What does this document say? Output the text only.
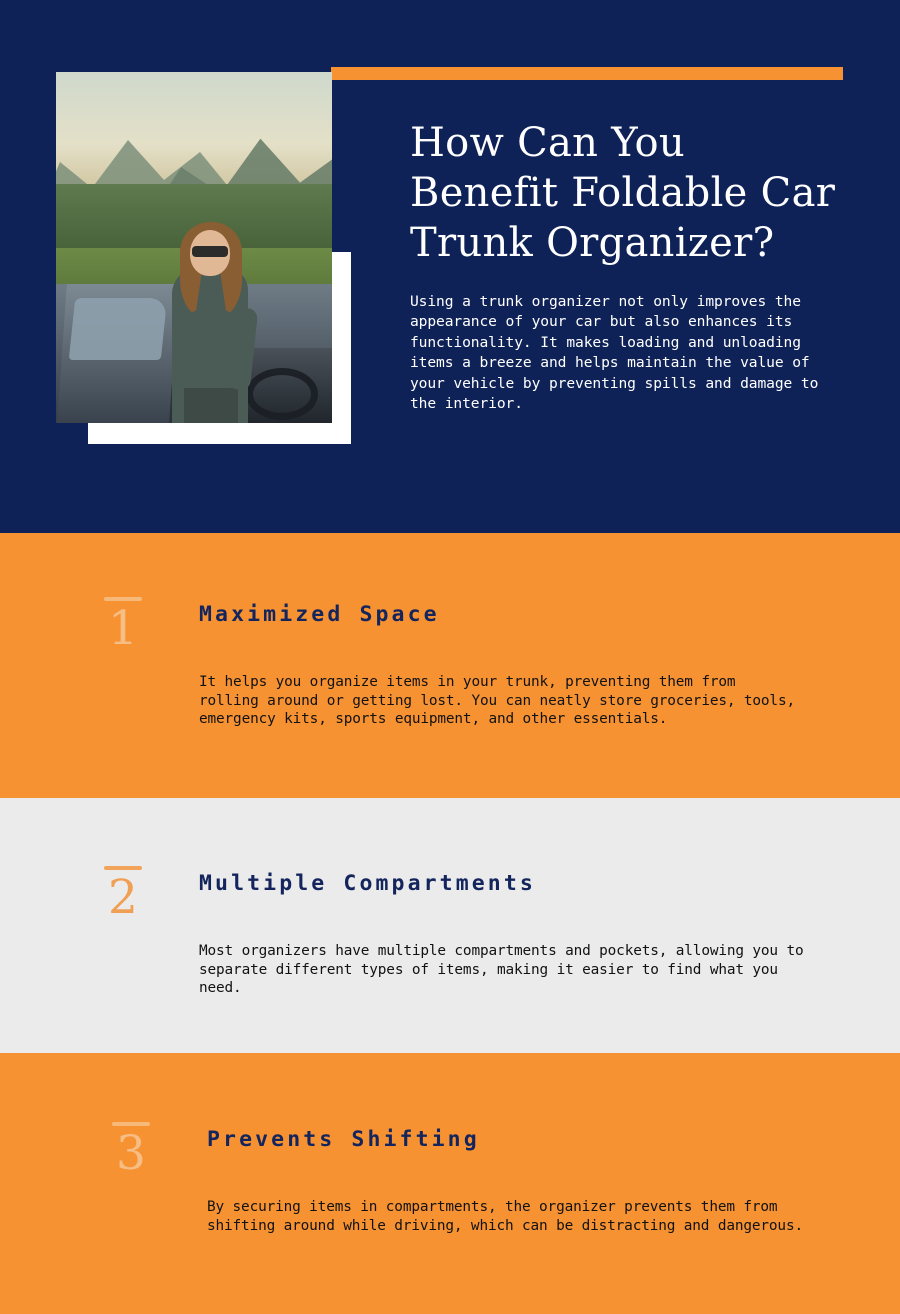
How Can You Benefit Foldable Car Trunk Organizer?

Using a trunk organizer not only improves the appearance of your car but also enhances its functionality. It makes loading and unloading items a breeze and helps maintain the value of your vehicle by preventing spills and damage to the interior.

1	Maximized Space

It helps you organize items in your trunk, preventing them from rolling around or getting lost. You can neatly store groceries, tools, emergency kits, sports equipment, and other essentials.

2	Multiple Compartments

Most organizers have multiple compartments and pockets, allowing you to separate different types of items, making it easier to find what you need.

3	Prevents Shifting

By securing items in compartments, the organizer prevents them from shifting around while driving, which can be distracting and dangerous.
